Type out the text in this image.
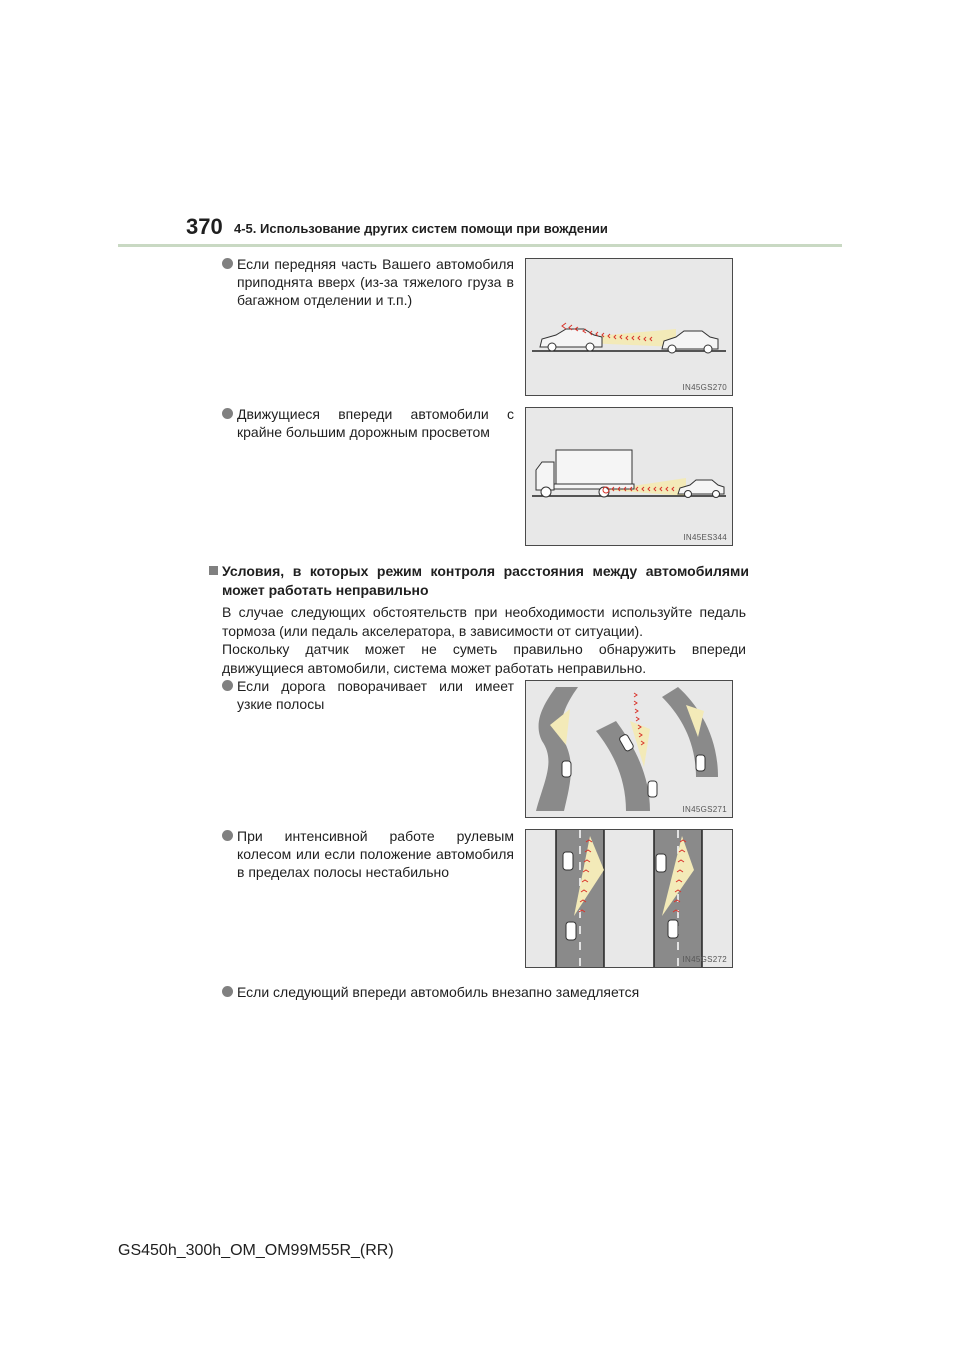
370 4-5. Использование других систем помощи при вождении
Если передняя часть Вашего автомобиля приподнята вверх (из-за тяжелого груза в багажном отделении и т.п.)
IN45GS270
Движущиеся впереди автомобили с крайне большим дорожным просветом
IN45ES344
Условия, в которых режим контроля расстояния между автомобилями может работать неправильно
В случае следующих обстоятельств при необходимости используйте педаль тормоза (или педаль акселератора, в зависимости от ситуации).
Поскольку датчик может не суметь правильно обнаружить впереди движущиеся автомобили, система может работать неправильно.
Если дорога поворачивает или имеет узкие полосы
IN45GS271
При интенсивной работе рулевым колесом или если положение автомобиля в пределах полосы нестабильно
IN45GS272
Если следующий впереди автомобиль внезапно замедляется
GS450h_300h_OM_OM99M55R_(RR)
